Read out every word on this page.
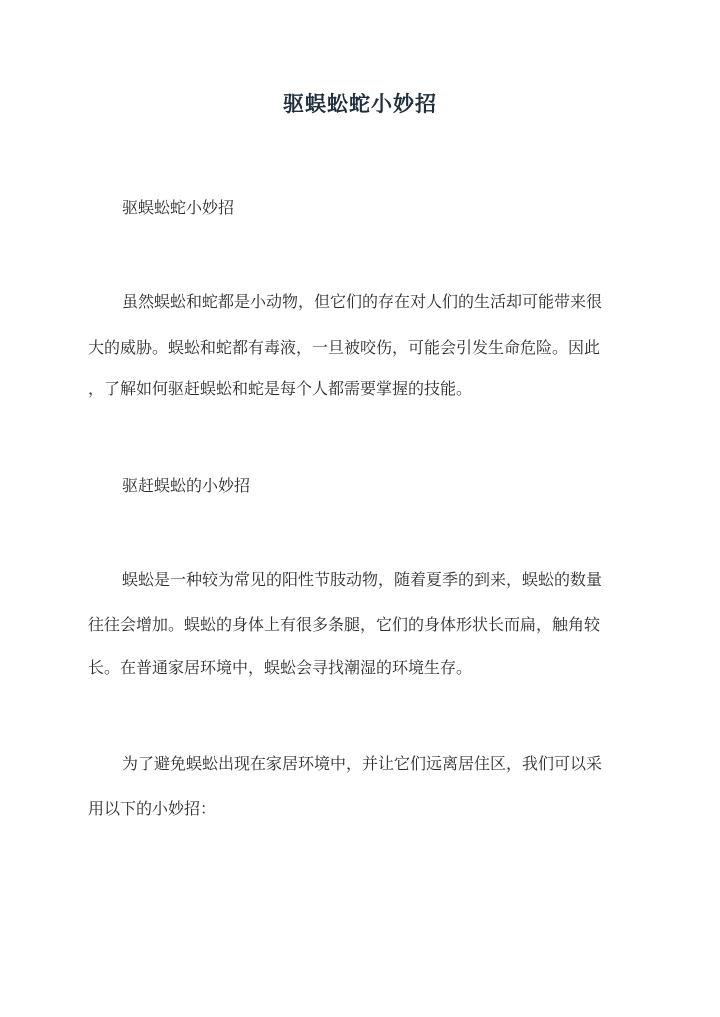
驱蜈蚣蛇小妙招

驱蜈蚣蛇小妙招

虽然蜈蚣和蛇都是小动物，但它们的存在对人们的生活却可能带来很

大的威胁。蜈蚣和蛇都有毒液，一旦被咬伤，可能会引发生命危险。因此

，了解如何驱赶蜈蚣和蛇是每个人都需要掌握的技能。

驱赶蜈蚣的小妙招

蜈蚣是一种较为常见的阳性节肢动物，随着夏季的到来，蜈蚣的数量

往往会增加。蜈蚣的身体上有很多条腿，它们的身体形状长而扁，触角较

长。在普通家居环境中，蜈蚣会寻找潮湿的环境生存。

为了避免蜈蚣出现在家居环境中，并让它们远离居住区，我们可以采

用以下的小妙招：
